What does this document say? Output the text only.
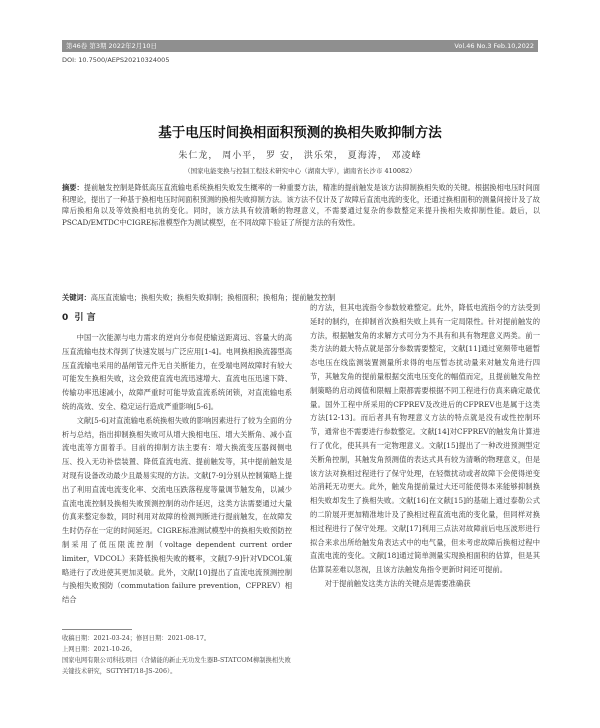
第46卷 第3期 2022年2月10日	Vol.46 No.3 Feb.10,2022
DOI: 10.7500/AEPS20210324005
基于电压时间换相面积预测的换相失败抑制方法
朱仁龙， 周小平， 罗 安， 洪乐荣， 夏海涛， 邓凌峰
（国家电能变换与控制工程技术研究中心（湖南大学），湖南省长沙市 410082）
摘要：提前触发控制是降低高压直流输电系统换相失败发生概率的一种重要方法，精准的提前触发是该方法抑制换相失败的关键。根据换相电压时间面积理论，提出了一种基于换相电压时间面积预测的换相失败抑制方法。该方法不仅计及了故障后直流电流的变化，还通过换相面积的测量间接计及了故障后换相角以及等效换相电抗的变化。同时，该方法具有较清晰的物理意义，不需要通过复杂的参数整定来提升换相失败抑制性能。最后，以PSCAD/EMTDC中CIGRE标准模型作为测试模型，在不同故障下验证了所提方法的有效性。
关键词：高压直流输电；换相失败；换相失败抑制；换相面积；换相角；提前触发控制
0 引 言

中国一次能源与电力需求的逆向分布促使输送距离远、容量大的高压直流输电技术得到了快速发展与广泛应用[1-4]。电网换相换流器型高压直流输电采用的晶闸管元件无自关断能力，在受端电网故障时有较大可能发生换相失败，这会致使直流电流迅速增大、直流电压迅速下降、传输功率迅速减小，故障严重时可能导致直流系统闭锁，对直流输电系统的高效、安全、稳定运行造成严重影响[5-6]。

文献[5-6]对直流输电系统换相失败的影响因素进行了较为全面的分析与总结，指出抑制换相失败可从增大换相电压、增大关断角、减小直流电流等方面着手。目前的抑制方法主要有：增大换流变压器阀侧电压、投入无功补偿装置、降低直流电流、提前触发等，其中提前触发是对现有设备改动最少且最易实现的方法。文献[7-9]分别从控制策略上提出了利用直流电流变化率、交流电压跌落程度等量调节触发角，以减少直流电流控制及换相失败预测控制的动作延迟，这类方法需要通过大量仿真来整定参数，同时利用对故障的检测判断进行提前触发，在故障发生时仍存在一定的时间延迟。CIGRE标准测试模型中的换相失败预防控制采用了低压限流控制（voltage dependent current order limiter，VDCOL）来降低换相失败的概率，文献[7-9]针对VDCOL策略进行了改进使其更加灵敏。此外，文献[10]提出了直流电流预测控制与换相失败预防（commutation failure prevention，CFPREV）相结合

的方法，但其电流指令参数较难整定。此外，降低电流指令的方法受到延时的制约，在抑制首次换相失败上具有一定局限性。针对提前触发的方法，根据触发角的求解方式可分为不具有和具有物理意义两类。前一类方法的最大特点就是部分参数需要整定，文献[11]通过宽频带电磁暂态电压在线监测装置测量所求得的电压暂态扰动量来对触发角进行四节，其触发角的提前量根据交流电压变化的幅值而定，且提前触发角控制策略的启动阀值和限幅上限都需要根据不同工程进行仿真来确定最优量。国外工程中所采用的CFPREV及改进后的CFPREV也是属于这类方法[12-13]。而后者具有物理意义方法的特点就是没有或性控制环节，通常也不需要进行参数整定。文献[14]对CFPREV的触发角计算进行了优化，使其具有一定物理意义。文献[15]提出了一种改进预测型定关断角控制，其触发角预测值的表达式具有较为清晰的物理意义，但是该方法对换相过程进行了保守处理，在轻微扰动或者故障下会使得逆变站消耗无功更大。此外，触发角提前量过大还可能使得本来能够抑制换相失败却发生了换相失败。文献[16]在文献[15]的基础上通过泰勒公式的二阶展开更加精准地计及了换相过程直流电流的变化量，但同样对换相过程进行了保守处理。文献[17]利用三点法对故障前后电压波形进行拟合来求出所给触发角表达式中的电气量，但未考虑故障后换相过程中直流电流的变化。文献[18]通过简单测量实现换相面积的估算，但是其估算误差难以忽视，且该方法触发角指令更新时间还可提前。

对于提前触发这类方法的关键点是需要准确获

收稿日期：2021-03-24；修回日期：2021-08-17。
上网日期：2021-10-26。
国家电网有限公司科技项目（含储能的新止无功发生器B-STATCOM柳制换相失败关键技术研究，SGTYHT/18-JS-206）。
